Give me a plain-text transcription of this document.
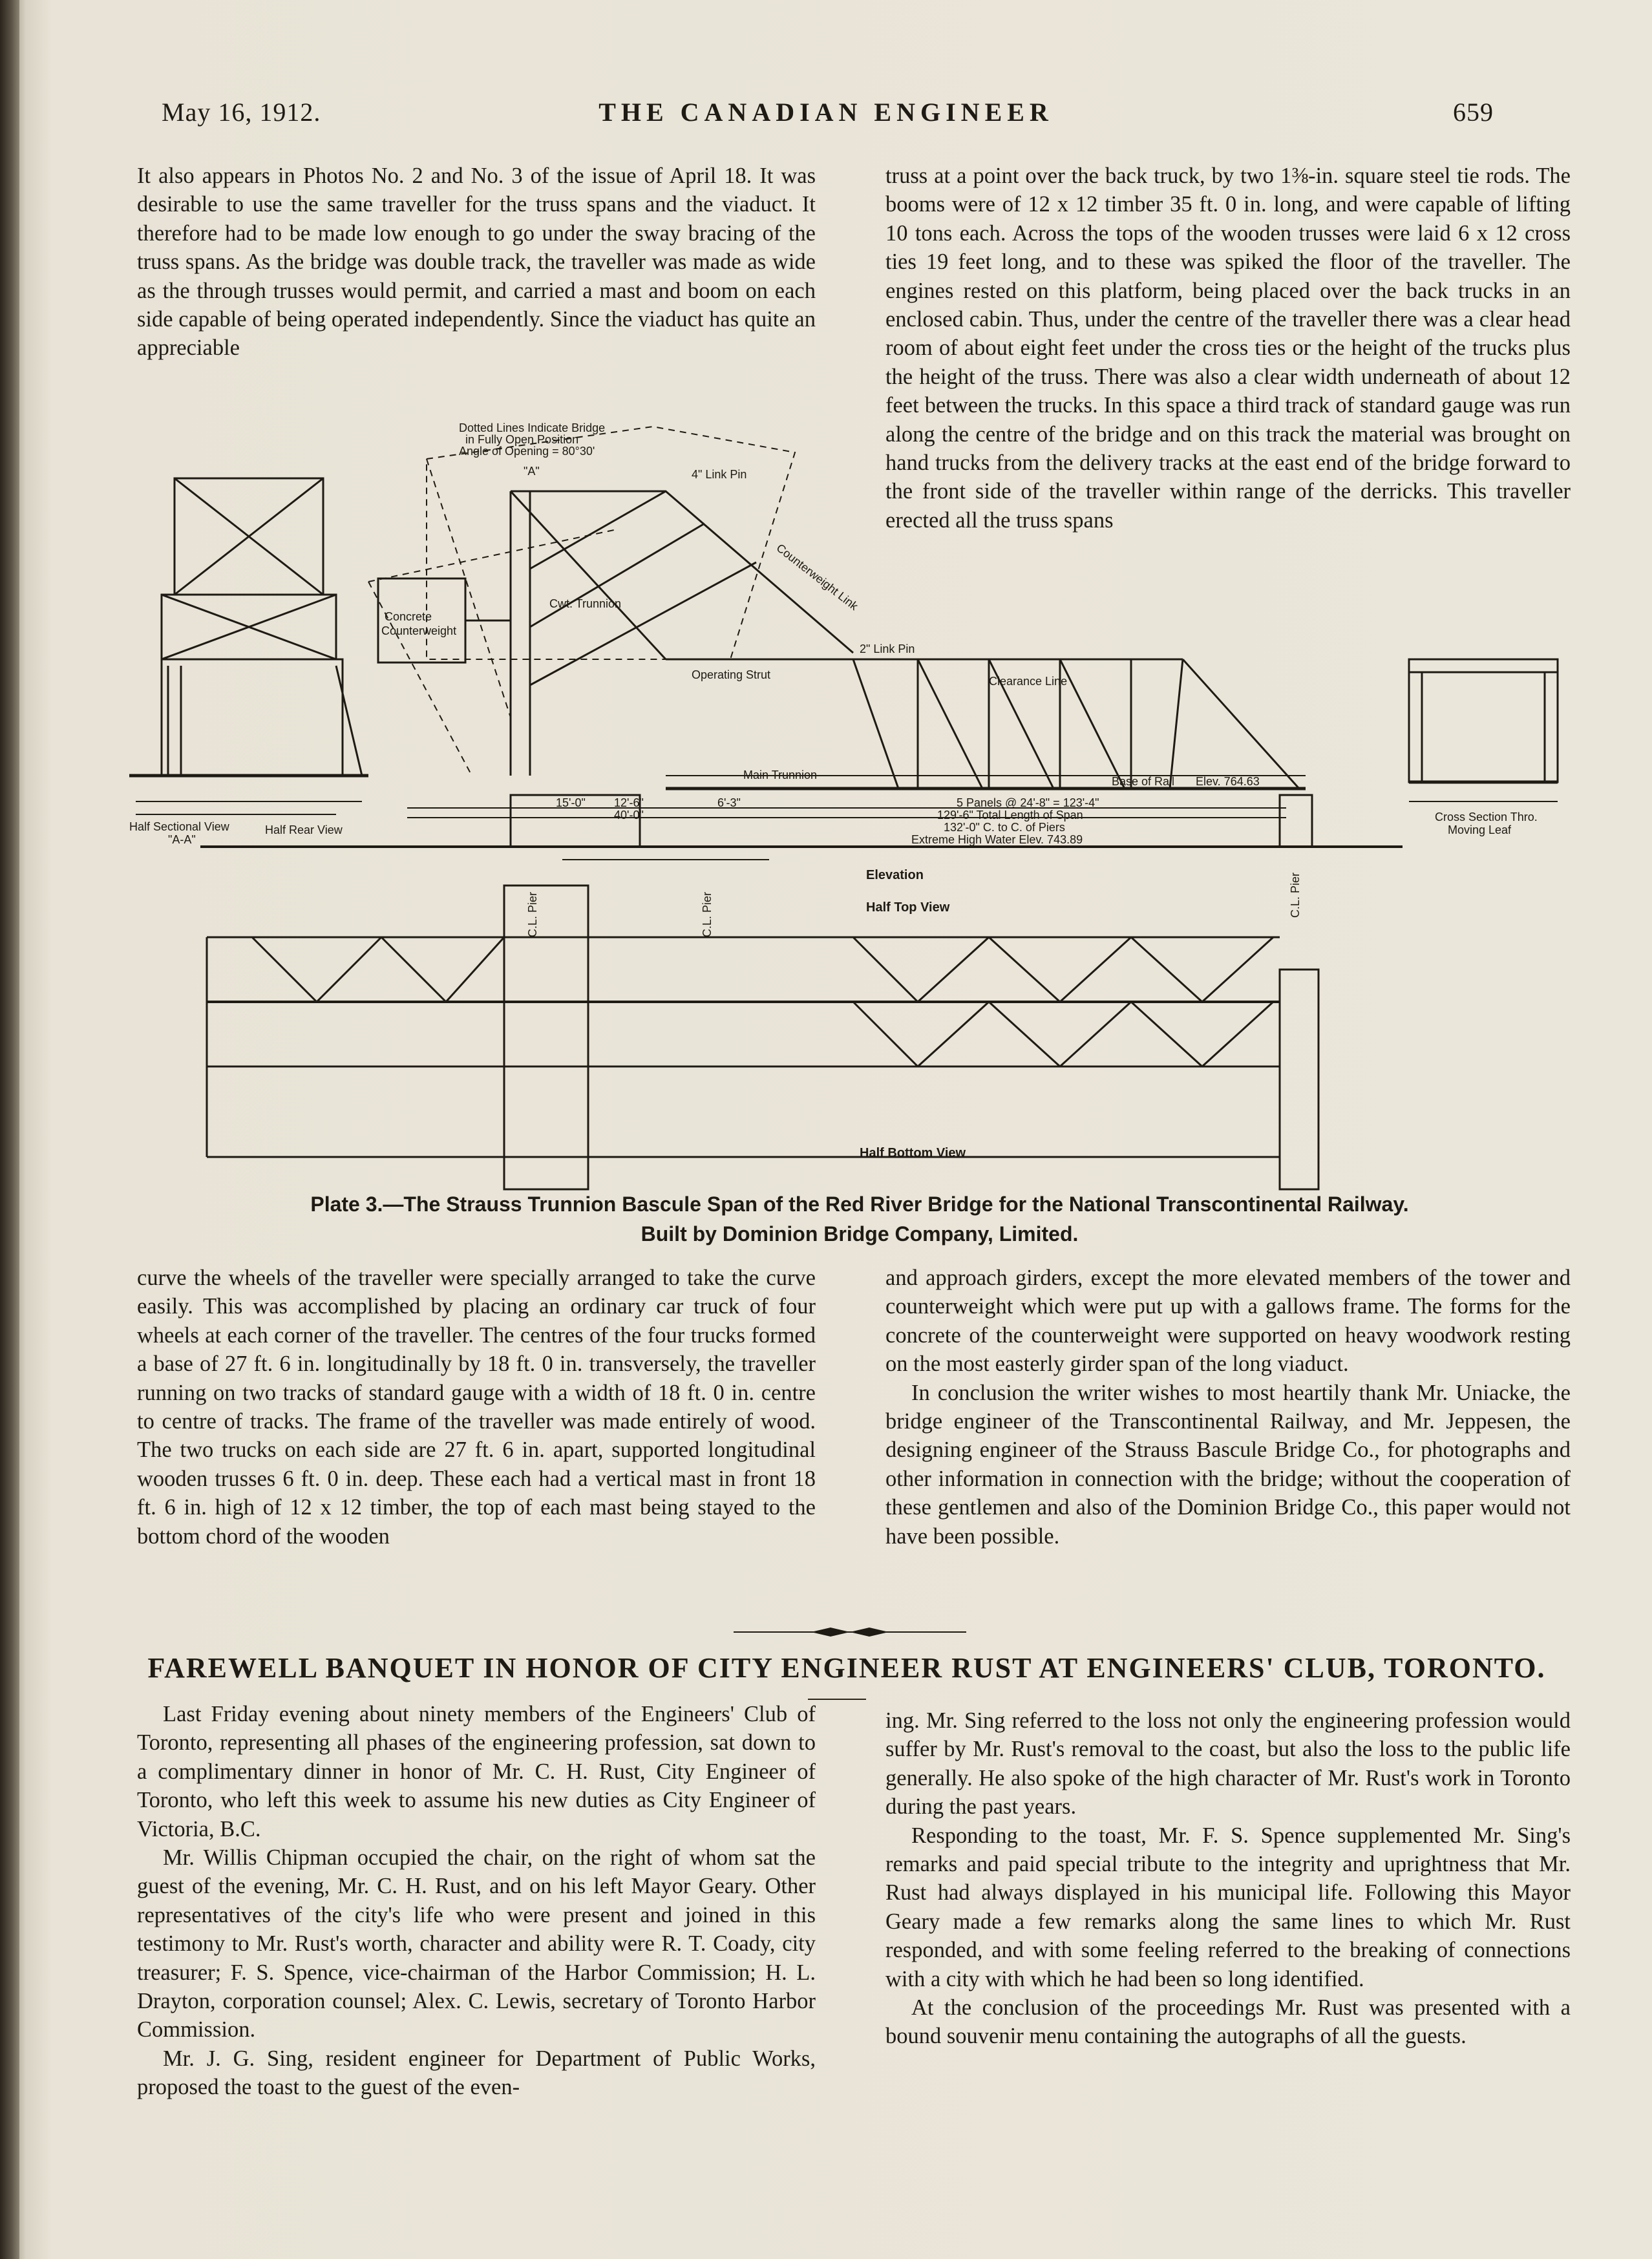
May 16, 1912.	THE CANADIAN ENGINEER	659

It also appears in Photos No. 2 and No. 3 of the issue of April 18. It was desirable to use the same traveller for the truss spans and the viaduct. It therefore had to be made low enough to go under the sway bracing of the truss spans. As the bridge was double track, the traveller was made as wide as the through trusses would permit, and carried a mast and boom on each side capable of being operated independently. Since the viaduct has quite an appreciable

truss at a point over the back truck, by two 1⅜-in. square steel tie rods. The booms were of 12 x 12 timber 35 ft. 0 in. long, and were capable of lifting 10 tons each. Across the tops of the wooden trusses were laid 6 x 12 cross ties 19 feet long, and to these was spiked the floor of the traveller. The engines rested on this platform, being placed over the back trucks in an enclosed cabin. Thus, under the centre of the traveller there was a clear head room of about eight feet under the cross ties or the height of the trucks plus the height of the truss. There was also a clear width underneath of about 12 feet between the trucks. In this space a third track of standard gauge was run along the centre of the bridge and on this track the material was brought on hand trucks from the delivery tracks at the east end of the bridge forward to the front side of the traveller within range of the derricks. This traveller erected all the truss spans

Dotted Lines Indicate Bridge
in Fully Open Position
Angle of Opening = 80°30'
"A"	4" Link Pin
Counterweight Link
Concrete
Counterweight
Cwt. Trunnion
2" Link Pin
Operating Strut	Clearance Line
Main Trunnion	Base of Rail Elev. 764.63
5 Panels @ 24'-8" = 123'-4"
129'-6" Total Length of Span
132'-0" C. to C. of Piers
Extreme High Water Elev. 743.89
12'-6"
40'-0"
15'-0"	6'-3"
Elevation
Half Sectional View
"A-A"
Half Rear View
Cross Section Thro.
Moving Leaf
Half Top View
Half Bottom View
C.L. Pier	C.L. Pier	C.L. Pier
Plate 3.—The Strauss Trunnion Bascule Span of the Red River Bridge for the National Transcontinental Railway.
Built by Dominion Bridge Company, Limited.

curve the wheels of the traveller were specially arranged to take the curve easily. This was accomplished by placing an ordinary car truck of four wheels at each corner of the traveller. The centres of the four trucks formed a base of 27 ft. 6 in. longitudinally by 18 ft. 0 in. transversely, the traveller running on two tracks of standard gauge with a width of 18 ft. 0 in. centre to centre of tracks. The frame of the traveller was made entirely of wood. The two trucks on each side are 27 ft. 6 in. apart, supported longitudinal wooden trusses 6 ft. 0 in. deep. These each had a vertical mast in front 18 ft. 6 in. high of 12 x 12 timber, the top of each mast being stayed to the bottom chord of the wooden

and approach girders, except the more elevated members of the tower and counterweight which were put up with a gallows frame. The forms for the concrete of the counterweight were supported on heavy woodwork resting on the most easterly girder span of the long viaduct.

In conclusion the writer wishes to most heartily thank Mr. Uniacke, the bridge engineer of the Transcontinental Railway, and Mr. Jeppesen, the designing engineer of the Strauss Bascule Bridge Co., for photographs and other information in connection with the bridge; without the cooperation of these gentlemen and also of the Dominion Bridge Co., this paper would not have been possible.

FAREWELL BANQUET IN HONOR OF CITY ENGINEER RUST AT ENGINEERS' CLUB, TORONTO.

Last Friday evening about ninety members of the Engineers' Club of Toronto, representing all phases of the engineering profession, sat down to a complimentary dinner in honor of Mr. C. H. Rust, City Engineer of Toronto, who left this week to assume his new duties as City Engineer of Victoria, B.C.

Mr. Willis Chipman occupied the chair, on the right of whom sat the guest of the evening, Mr. C. H. Rust, and on his left Mayor Geary. Other representatives of the city's life who were present and joined in this testimony to Mr. Rust's worth, character and ability were R. T. Coady, city treasurer; F. S. Spence, vice-chairman of the Harbor Commission; H. L. Drayton, corporation counsel; Alex. C. Lewis, secretary of Toronto Harbor Commission.

Mr. J. G. Sing, resident engineer for Department of Public Works, proposed the toast to the guest of the even-

ing. Mr. Sing referred to the loss not only the engineering profession would suffer by Mr. Rust's removal to the coast, but also the loss to the public life generally. He also spoke of the high character of Mr. Rust's work in Toronto during the past years.

Responding to the toast, Mr. F. S. Spence supplemented Mr. Sing's remarks and paid special tribute to the integrity and uprightness that Mr. Rust had always displayed in his municipal life. Following this Mayor Geary made a few remarks along the same lines to which Mr. Rust responded, and with some feeling referred to the breaking of connections with a city with which he had been so long identified.

At the conclusion of the proceedings Mr. Rust was presented with a bound souvenir menu containing the autographs of all the guests.
